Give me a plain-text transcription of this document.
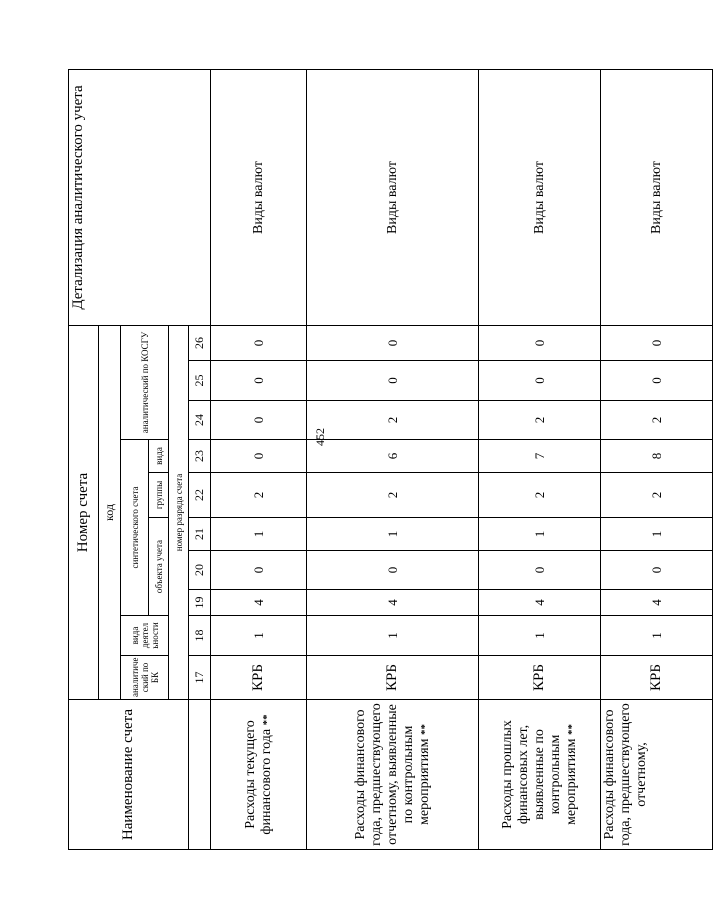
452
Наименование счета	Номер счета										Детализация аналитического учета
	код										
	аналитиче ский по БК	вида деятел ьности	синтетического счета					аналитический по КОСГУ			
			объекта учета			группы	вида				
	номер разряда счета										
	17	18	19	20	21	22	23	24	25	26	
Расходы текущего финансового года **	КРБ	1	4	0	1	2	0	0	0	0	Виды валют
Расходы финансового года, предшествующего отчетному, выявленные по контрольным мероприятиям **	КРБ	1	4	0	1	2	6	2	0	0	Виды валют
Расходы прошлых финансовых лет, выявленные по контрольным мероприятиям **	КРБ	1	4	0	1	2	7	2	0	0	Виды валют
Расходы финансового года, предшествующего отчетному,	КРБ	1	4	0	1	2	8	2	0	0	Виды валют
